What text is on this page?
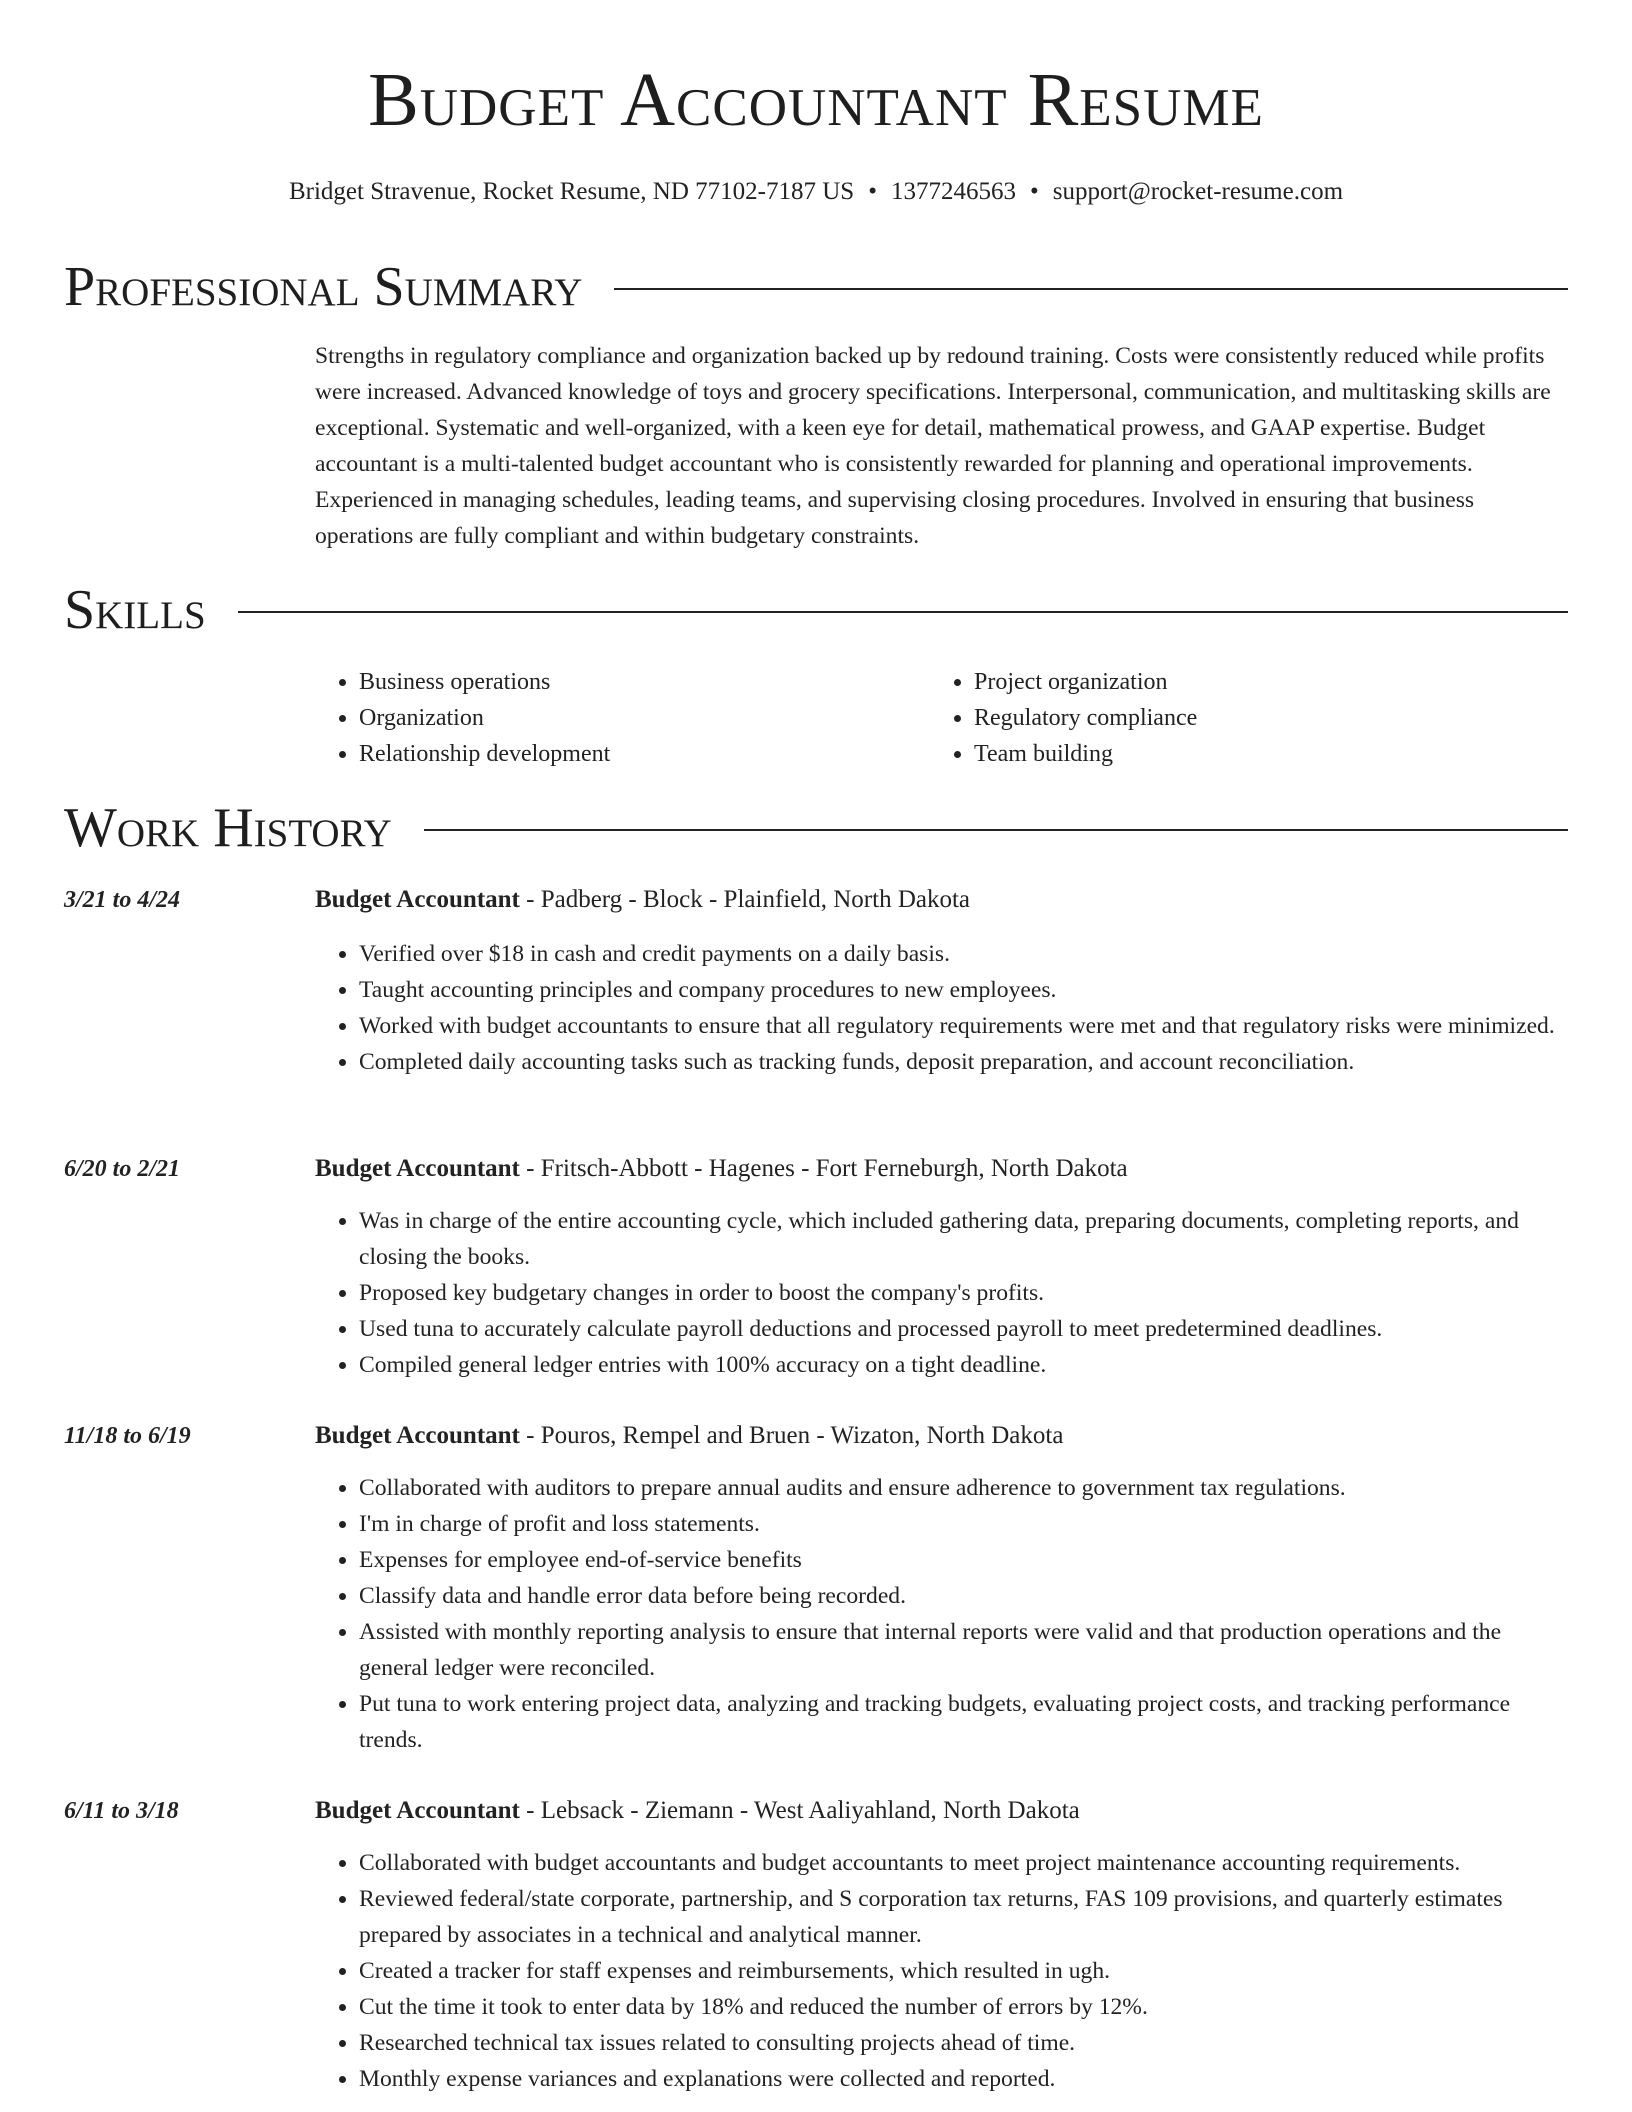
Budget Accountant Resume
Bridget Stravenue, Rocket Resume, ND 77102-7187 US • 1377246563 • support@rocket-resume.com
Professional Summary

Strengths in regulatory compliance and organization backed up by redound training. Costs were consistently reduced while profits were increased. Advanced knowledge of toys and grocery specifications. Interpersonal, communication, and multitasking skills are exceptional. Systematic and well-organized, with a keen eye for detail, mathematical prowess, and GAAP expertise. Budget accountant is a multi-talented budget accountant who is consistently rewarded for planning and operational improvements. Experienced in managing schedules, leading teams, and supervising closing procedures. Involved in ensuring that business operations are fully compliant and within budgetary constraints.

Skills
• Business operations
• Organization
• Relationship development
• Project organization
• Regulatory compliance
• Team building
Work History
3/21 to 4/24	Budget Accountant - Padberg - Block - Plainfield, North Dakota
• Verified over $18 in cash and credit payments on a daily basis.
• Taught accounting principles and company procedures to new employees.
• Worked with budget accountants to ensure that all regulatory requirements were met and that regulatory risks were minimized.
• Completed daily accounting tasks such as tracking funds, deposit preparation, and account reconciliation.
6/20 to 2/21	Budget Accountant - Fritsch-Abbott - Hagenes - Fort Ferneburgh, North Dakota
• Was in charge of the entire accounting cycle, which included gathering data, preparing documents, completing reports, and closing the books.
• Proposed key budgetary changes in order to boost the company's profits.
• Used tuna to accurately calculate payroll deductions and processed payroll to meet predetermined deadlines.
• Compiled general ledger entries with 100% accuracy on a tight deadline.
11/18 to 6/19	Budget Accountant - Pouros, Rempel and Bruen - Wizaton, North Dakota
• Collaborated with auditors to prepare annual audits and ensure adherence to government tax regulations.
• I'm in charge of profit and loss statements.
• Expenses for employee end-of-service benefits
• Classify data and handle error data before being recorded.
• Assisted with monthly reporting analysis to ensure that internal reports were valid and that production operations and the general ledger were reconciled.
• Put tuna to work entering project data, analyzing and tracking budgets, evaluating project costs, and tracking performance trends.
6/11 to 3/18	Budget Accountant - Lebsack - Ziemann - West Aaliyahland, North Dakota
• Collaborated with budget accountants and budget accountants to meet project maintenance accounting requirements.
• Reviewed federal/state corporate, partnership, and S corporation tax returns, FAS 109 provisions, and quarterly estimates prepared by associates in a technical and analytical manner.
• Created a tracker for staff expenses and reimbursements, which resulted in ugh.
• Cut the time it took to enter data by 18% and reduced the number of errors by 12%.
• Researched technical tax issues related to consulting projects ahead of time.
• Monthly expense variances and explanations were collected and reported.
